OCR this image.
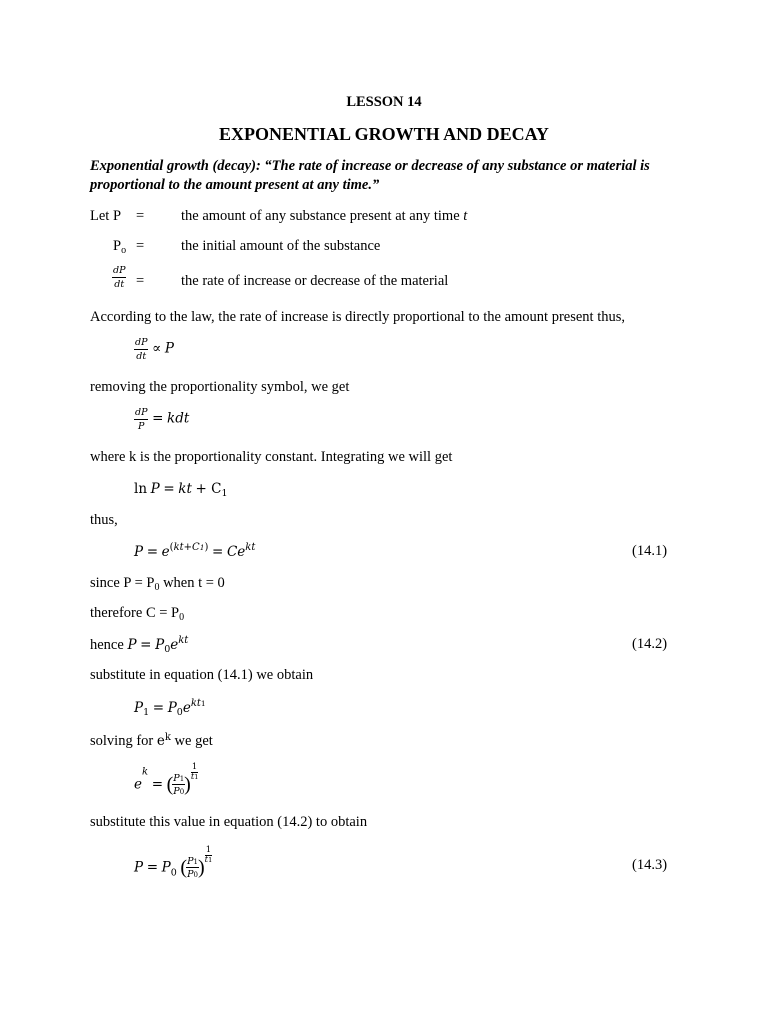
LESSON 14
EXPONENTIAL GROWTH AND DECAY
Exponential growth (decay): “The rate of increase or decrease of any substance or material is proportional to the amount present at any time.”
Let P =	the amount of any substance present at any time t
$P_o$ =	the initial amount of the substance
$\frac{dP}{dt}$ =	the rate of increase or decrease of the material
According to the law, the rate of increase is directly proportional to the amount present thus,
$\frac{dP}{dt} \propto P$
removing the proportionality symbol, we get
$\frac{dP}{P}$ = kdt
where k is the proportionality constant. Integrating we will get
ln P = kt + $C_1$
thus,
$P = e^{(kt+C1)} = Ce^{kt}$	(14.1)
since $P = P_0$ when t = 0
therefore $C = P_0$
hence $P = P_0e^{kt}$	(14.2)
substitute in equation (14.1) we obtain
$P_1 = P_0e^{kt1}$
solving for $e^k$ we get
$e^k$ = ( $\frac{P1}{P0}$ )
$\frac{1}{t1}$
substitute this value in equation (14.2) to obtain
$P = P_0$ ( $\frac{P1}{P0}$ )
$\frac{1}{t1}$
(14.3)
